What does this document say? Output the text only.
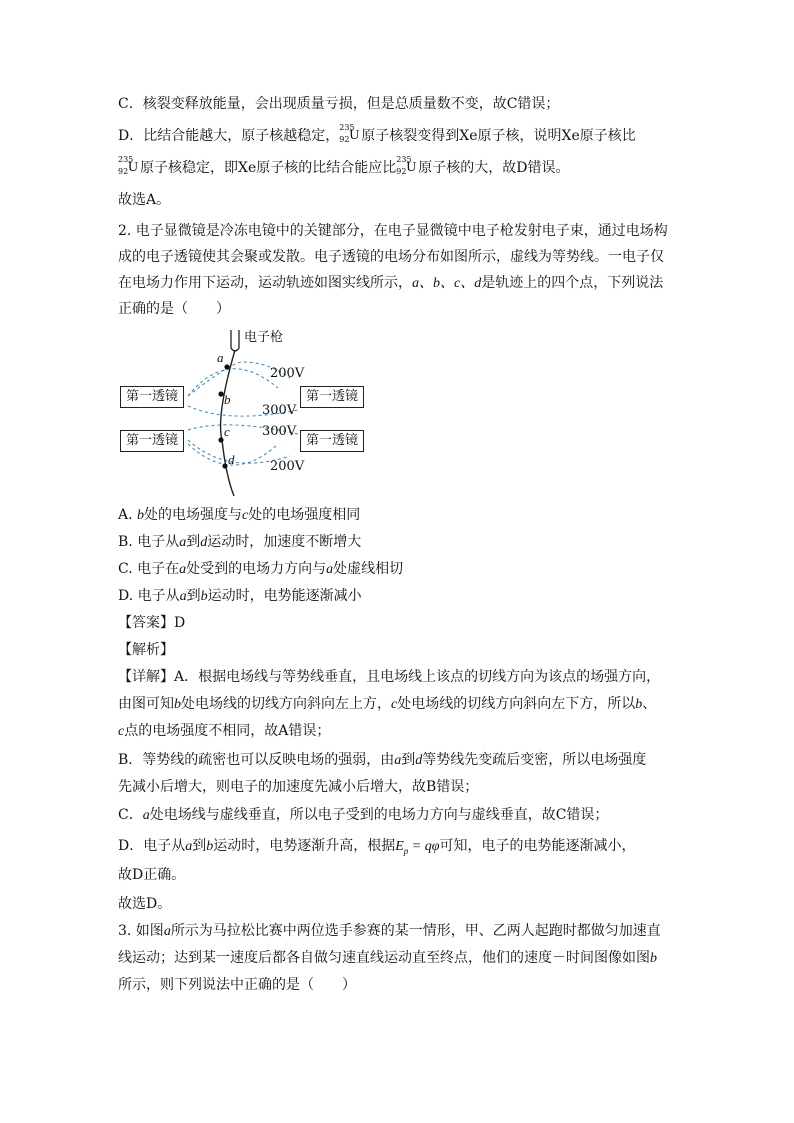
C．核裂变释放能量，会出现质量亏损，但是总质量数不变，故C错误；
D．比结合能越大，原子核越稳定，
235
92 U 原子核裂变得到Xe原子核，说明Xe原子核比
235
92 U 原子核稳定，即Xe原子核的比结合能应比
235
92 U 原子核的大，故D错误。
故选A。
2. 电子显微镜是冷冻电镜中的关键部分，在电子显微镜中电子枪发射电子束，通过电场构
成的电子透镜使其会聚或发散。电子透镜的电场分布如图所示，虚线为等势线。一电子仅
在电场力作用下运动，运动轨迹如图实线所示，a、b、c、d是轨迹上的四个点，下列说法
正确的是（　　）
电子枪
第一透镜	第一透镜
第一透镜	第一透镜
200V
300V
300V
200V
a
b
c
d
A. b处的电场强度与c处的电场强度相同
B. 电子从a到d运动时，加速度不断增大
C. 电子在a处受到的电场力方向与a处虚线相切
D. 电子从a到b运动时，电势能逐渐减小
【答案】D
【解析】
【详解】A．根据电场线与等势线垂直，且电场线上该点的切线方向为该点的场强方向，
由图可知b处电场线的切线方向斜向左上方，c处电场线的切线方向斜向左下方，所以b、
c点的电场强度不相同，故A错误；
B．等势线的疏密也可以反映电场的强弱，由a到d等势线先变疏后变密，所以电场强度
先减小后增大，则电子的加速度先减小后增大，故B错误；
C．a处电场线与虚线垂直，所以电子受到的电场力方向与虚线垂直，故C错误；
D．电子从a到b运动时，电势逐渐升高，根据$E_p = q\varphi$可知，电子的电势能逐渐减小，
故D正确。
故选D。
3. 如图a所示为马拉松比赛中两位选手参赛的某一情形，甲、乙两人起跑时都做匀加速直
线运动；达到某一速度后都各自做匀速直线运动直至终点，他们的速度－时间图像如图b
所示，则下列说法中正确的是（　　）
